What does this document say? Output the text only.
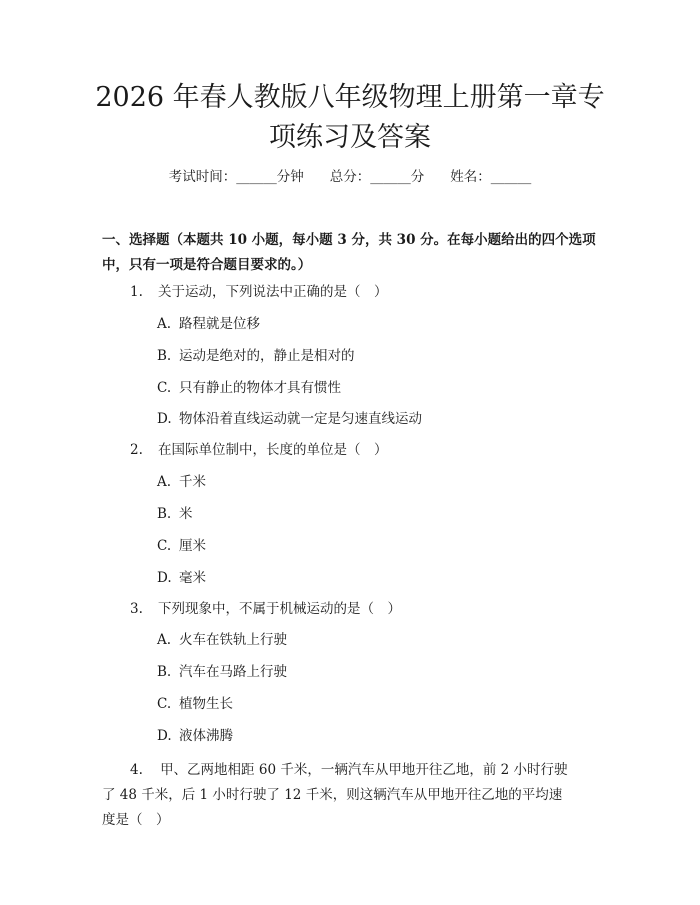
2026 年春人教版八年级物理上册第一章专项练习及答案
考试时间：______分钟 总分：______分 姓名：______

一、选择题（本题共 10 小题，每小题 3 分，共 30 分。在每小题给出的四个选项中，只有一项是符合题目要求的。）

1. 关于运动，下列说法中正确的是（　）
A. 路程就是位移
B. 运动是绝对的，静止是相对的
C. 只有静止的物体才具有惯性
D. 物体沿着直线运动就一定是匀速直线运动
2. 在国际单位制中，长度的单位是（　）
A. 千米
B. 米
C. 厘米
D. 毫米
3. 下列现象中，不属于机械运动的是（　）
A. 火车在铁轨上行驶
B. 汽车在马路上行驶
C. 植物生长
D. 液体沸腾

4. 甲、乙两地相距 60 千米，一辆汽车从甲地开往乙地，前 2 小时行驶了 48 千米，后 1 小时行驶了 12 千米，则这辆汽车从甲地开往乙地的平均速度是（　）
